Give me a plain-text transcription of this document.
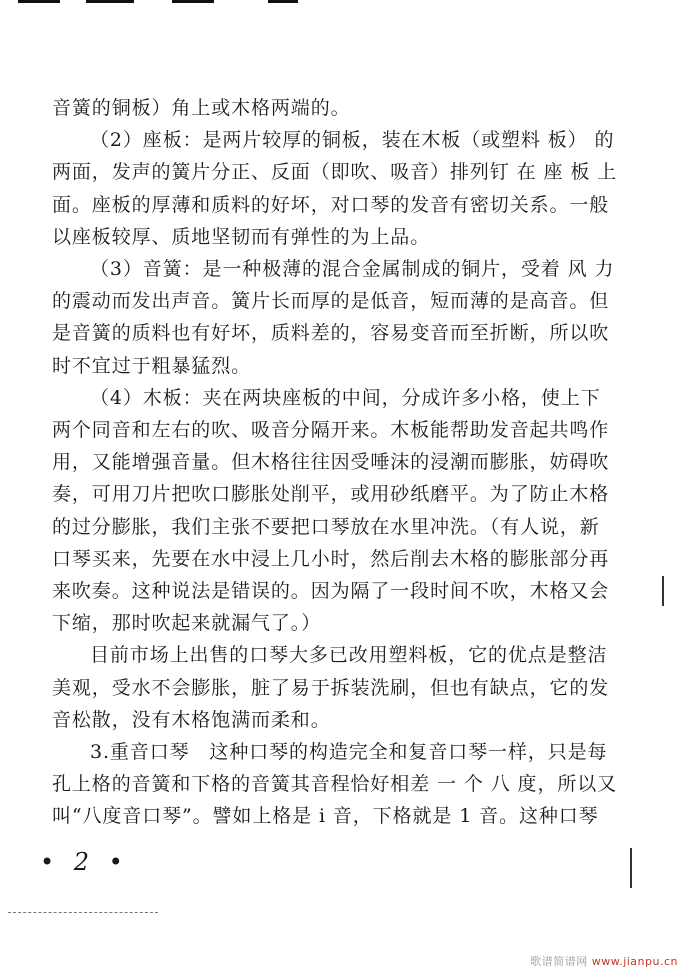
音簧的铜板）角上或木格两端的。

（2）座板：是两片较厚的铜板，装在木板（或塑料 板） 的
两面，发声的簧片分正、反面（即吹、吸音）排列钉 在 座 板 上
面。座板的厚薄和质料的好坏，对口琴的发音有密切关系。一般
以座板较厚、质地坚韧而有弹性的为上品。

（3）音簧：是一种极薄的混合金属制成的铜片，受着 风 力
的震动而发出声音。簧片长而厚的是低音，短而薄的是高音。但
是音簧的质料也有好坏，质料差的，容易变音而至折断，所以吹
时不宜过于粗暴猛烈。

（4）木板：夹在两块座板的中间，分成许多小格，使上下
两个同音和左右的吹、吸音分隔开来。木板能帮助发音起共鸣作
用，又能增强音量。但木格往往因受唾沫的浸潮而膨胀，妨碍吹
奏，可用刀片把吹口膨胀处削平，或用砂纸磨平。为了防止木格
的过分膨胀，我们主张不要把口琴放在水里冲洗。（有人说，新
口琴买来，先要在水中浸上几小时，然后削去木格的膨胀部分再
来吹奏。这种说法是错误的。因为隔了一段时间不吹，木格又会
下缩，那时吹起来就漏气了。）

目前市场上出售的口琴大多已改用塑料板，它的优点是整洁
美观，受水不会膨胀，脏了易于拆装洗刷，但也有缺点，它的发
音松散，没有木格饱满而柔和。

3.重音口琴　这种口琴的构造完全和复音口琴一样，只是每
孔上格的音簧和下格的音簧其音程恰好相差 一 个 八 度，所以又
叫“八度音口琴”。譬如上格是 i 音，下格就是 1 音。这种口琴

• 2 •
歌谱简谱网 www.jianpu.cn
